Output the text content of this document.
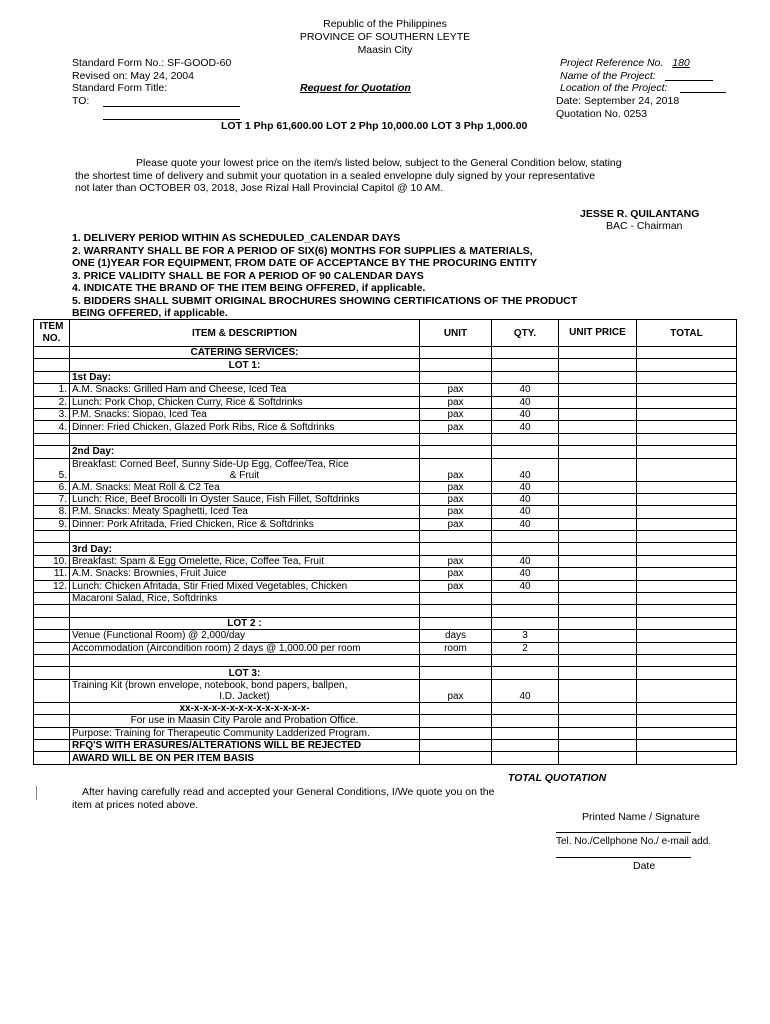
Republic of the Philippines
PROVINCE OF SOUTHERN LEYTE
Maasin City
Standard Form No.: SF-GOOD-60
Revised on: May 24, 2004
Standard Form Title:
TO:
Request for Quotation
Project Reference No. 180
Name of the Project:
Location of the Project:
Date: September 24, 2018
Quotation No. 0253
LOT 1 Php 61,600.00 LOT 2 Php 10,000.00 LOT 3 Php 1,000.00
Please quote your lowest price on the item/s listed below, subject to the General Condition below, stating
the shortest time of delivery and submit your quotation in a sealed envelopne duly signed by your representative
not later than OCTOBER 03, 2018, Jose Rizal Hall Provincial Capitol @ 10 AM.
JESSE R. QUILANTANG
BAC - Chairman
1. DELIVERY PERIOD WITHIN AS SCHEDULED_CALENDAR DAYS
2. WARRANTY SHALL BE FOR A PERIOD OF SIX(6) MONTHS FOR SUPPLIES & MATERIALS,
ONE (1)YEAR FOR EQUIPMENT, FROM DATE OF ACCEPTANCE BY THE PROCURING ENTITY
3. PRICE VALIDITY SHALL BE FOR A PERIOD OF 90 CALENDAR DAYS
4. INDICATE THE BRAND OF THE ITEM BEING OFFERED, if applicable.
5. BIDDERS SHALL SUBMIT ORIGINAL BROCHURES SHOWING CERTIFICATIONS OF THE PRODUCT
BEING OFFERED, if applicable.
ITEM NO.	ITEM & DESCRIPTION	UNIT	QTY.	UNIT PRICE	TOTAL
	CATERING SERVICES:				
	LOT 1:				
	1st Day:				
1.	A.M. Snacks: Grilled Ham and Cheese, Iced Tea	pax	40		
2.	Lunch: Pork Chop, Chicken Curry, Rice & Softdrinks	pax	40		
3.	P.M. Snacks: Siopao, Iced Tea	pax	40		
4.	Dinner: Fried Chicken, Glazed Pork Ribs, Rice & Softdrinks	pax	40		

	2nd Day:				
5.	Breakfast: Corned Beef, Sunny Side-Up Egg, Coffee/Tea, Rice
& Fruit	pax	40		
6.	A.M. Snacks: Meat Roll & C2 Tea	pax	40		
7.	Lunch: Rice, Beef Brocolli In Oyster Sauce, Fish Fillet, Softdrinks	pax	40		
8.	P.M. Snacks: Meaty Spaghetti, Iced Tea	pax	40		
9.	Dinner: Pork Afritada, Fried Chicken, Rice & Softdrinks	pax	40		

	3rd Day:				
10.	Breakfast: Spam & Egg Omelette, Rice, Coffee Tea, Fruit	pax	40		
11.	A.M. Snacks: Brownies, Fruit Juice	pax	40		
12.	Lunch: Chicken Afritada, Stir Fried Mixed Vegetables, Chicken	pax	40		
	Macaroni Salad, Rice, Softdrinks				

	LOT 2 :				
	Venue (Functional Room) @ 2,000/day	days	3		
	Accommodation (Aircondition room) 2 days @ 1,000.00 per room	room	2		

	LOT 3:				
	Training Kit (brown envelope, notebook, bond papers, ballpen,
I.D. Jacket)	pax	40		
	xx-x-x-x-x-x-x-x-x-x-x-x-x-x-				
	For use in Maasin City Parole and Probation Office.				
	Purpose: Training for Therapeutic Community Ladderized Program.				
	RFQ'S WITH ERASURES/ALTERATIONS WILL BE REJECTED				
	AWARD WILL BE ON PER ITEM BASIS				
TOTAL QUOTATION
After having carefully read and accepted your General Conditions, I/We quote you on the
item at prices noted above.
Printed Name / Signature
Tel. No./Cellphone No./ e-mail add.
Date
